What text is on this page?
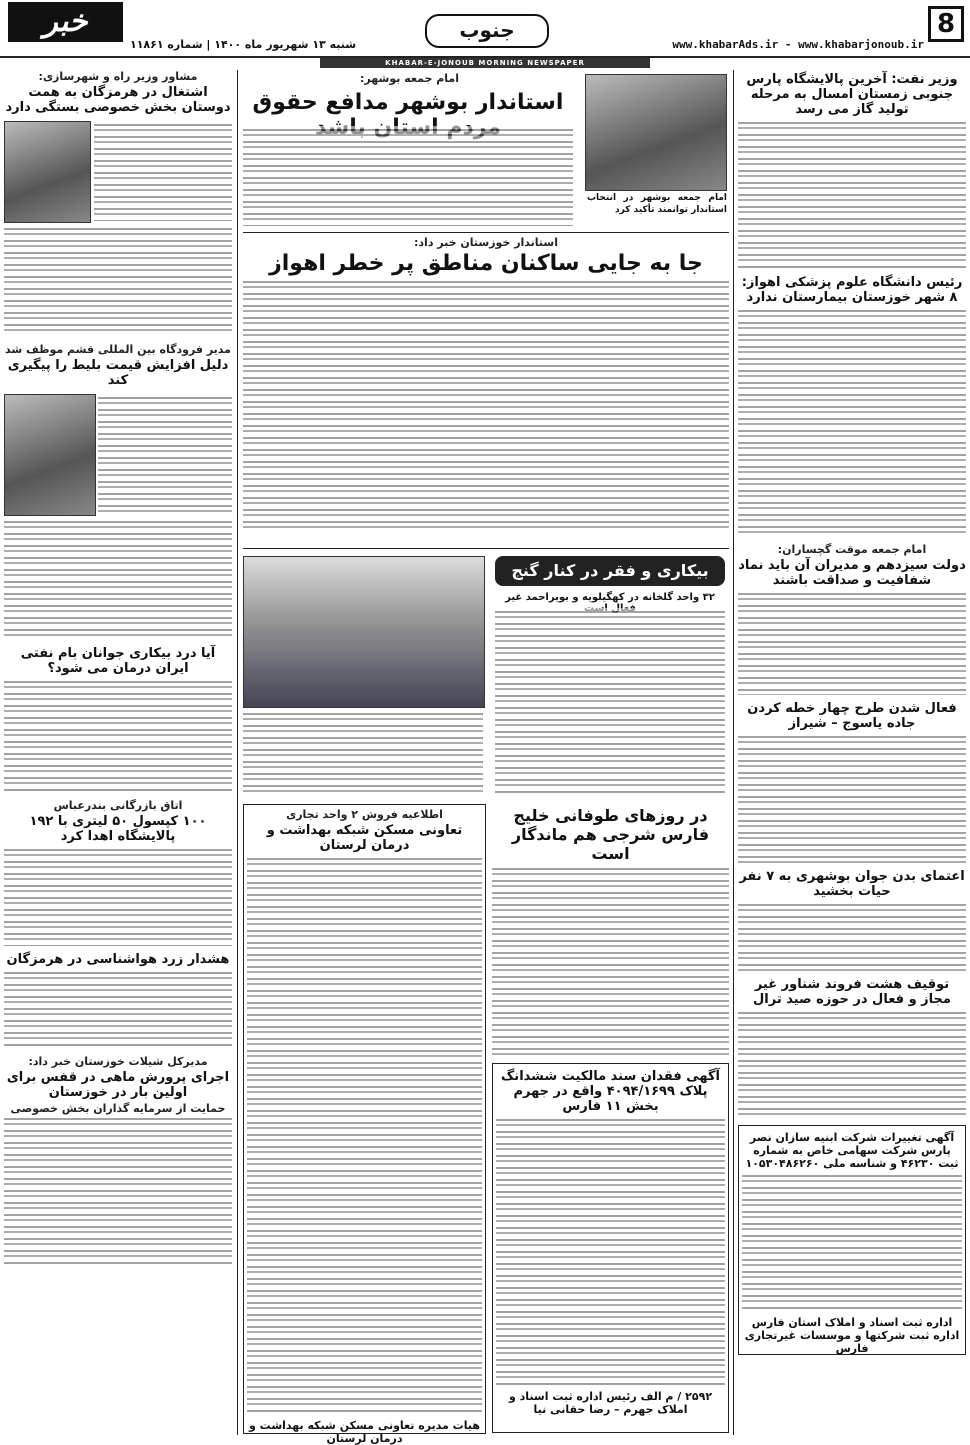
8
www.khabarAds.ir - www.khabarjonoub.ir
جنوب
خبر
شنبه ۱۳ شهریور ماه ۱۴۰۰ | شماره ۱۱۸۶۱
KHABAR-E-JONOUB MORNING NEWSPAPER
وزیر نفت: آخرین پالایشگاه پارس جنوبی زمستان امسال به مرحله تولید گاز می رسد
رئیس دانشگاه علوم پزشکی اهواز: ۸ شهر خوزستان بیمارستان ندارد
امام جمعه موقت گچساران:
دولت سیزدهم و مدیران آن باید نماد شفافیت و صداقت باشند
فعال شدن طرح چهار خطه کردن جاده یاسوج – شیراز
اعتمای بدن جوان بوشهری به ۷ نفر حیات بخشید
توقیف هشت فروند شناور غیر مجاز و فعال در حوزه صید ترال
آگهی تغییرات شرکت ابنیه سازان نصر پارس شرکت سهامی خاص به شماره ثبت ۴۶۲۳۰ و شناسه ملی ۱۰۵۳۰۴۸۶۲۶۰
اداره ثبت اسناد و املاک استان فارس اداره ثبت شرکتها و موسسات غیرتجاری فارس
امام جمعه بوشهر:
استاندار بوشهر مدافع حقوق
امام جمعه بوشهر در انتخاب استاندار توانمند تأکید کرد
استاندار خوزستان خبر داد:
جا به جایی ساکنان مناطق پر خطر اهواز
بیکاری و فقر در کنار گنج
۳۲ واحد گلخانه در کهگیلویه و بویراحمد غیر
در روزهای طوفانی خلیج فارس شرجی هم ماندگار است
آگهی فقدان سند مالکیت ششدانگ پلاک ۴۰۹۴/۱۶۹۹ واقع در جهرم بخش ۱۱ فارس
۲۵۹۲ / م الف رئیس اداره ثبت اسناد و املاک جهرم – رضا حقانی نیا
اطلاعیه فروش ۲ واحد تجاری
تعاونی مسکن شبکه بهداشت و درمان لرستان
هیات مدیره تعاونی مسکن شبکه بهداشت و درمان لرستان
مشاور وزیر راه و شهرسازی:
اشتغال در هرمزگان به همت دوستان بخش خصوصی بستگی دارد
مدیر فرودگاه بین المللی قشم موظف شد
دلیل افزایش قیمت بلیط را پیگیری کند
آیا درد بیکاری جوانان بام نفتی ایران درمان می شود؟
اتاق بازرگانی بندرعباس
۱۰۰ کپسول ۵۰ لیتری با ۱۹۲ پالایشگاه اهدا کرد
هشدار زرد هواشناسی در هرمزگان
مدیرکل شیلات خوزستان خبر داد:
اجرای پرورش ماهی در قفس برای اولین بار در خوزستان
حمایت از سرمایه گذاران بخش خصوصی
